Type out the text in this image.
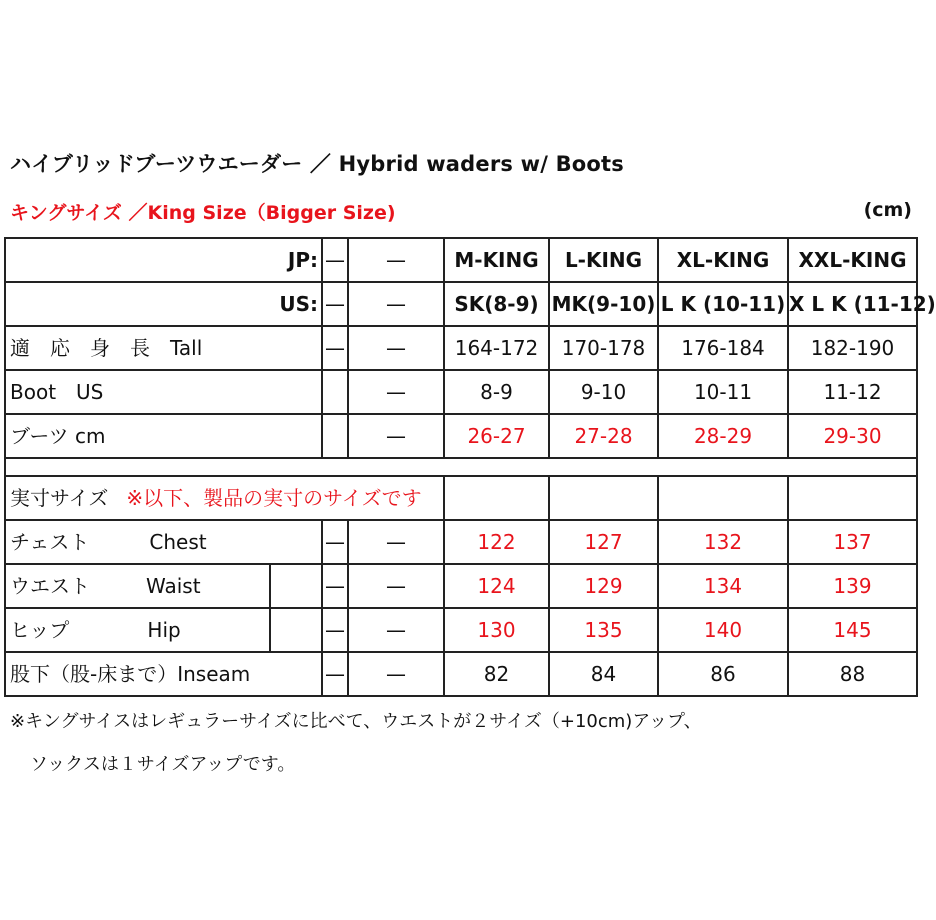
ハイブリッドブーツウエーダー ／ Hybrid waders w/ Boots
キングサイズ ／King Size（Bigger Size)	(cm)
JP:		—	—	M-KING	L-KING	XL-KING	XXL-KING
US:		—	—	SK(8-9)	MK(9-10)	L K (10-11)	X L K (11-12)
適　応　身　長　Tall		—	—	164-172	170-178	176-184	182-190
Boot　US			—	8-9	9-10	10-11	11-12
ブーツ cm			—	26-27	27-28	28-29	29-30

実寸サイズ ※以下、製品の実寸のサイズです							
チェスト Chest		—	—	122	127	132	137
ウエスト Waist		—	—	124	129	134	139
ヒップ Hip		—	—	130	135	140	145
股下（股-床まで）Inseam		—	—	82	84	86	88
※キングサイスはレギュラーサイズに比べて、ウエストが２サイズ（+10cm)アップ、
ソックスは１サイズアップです。
